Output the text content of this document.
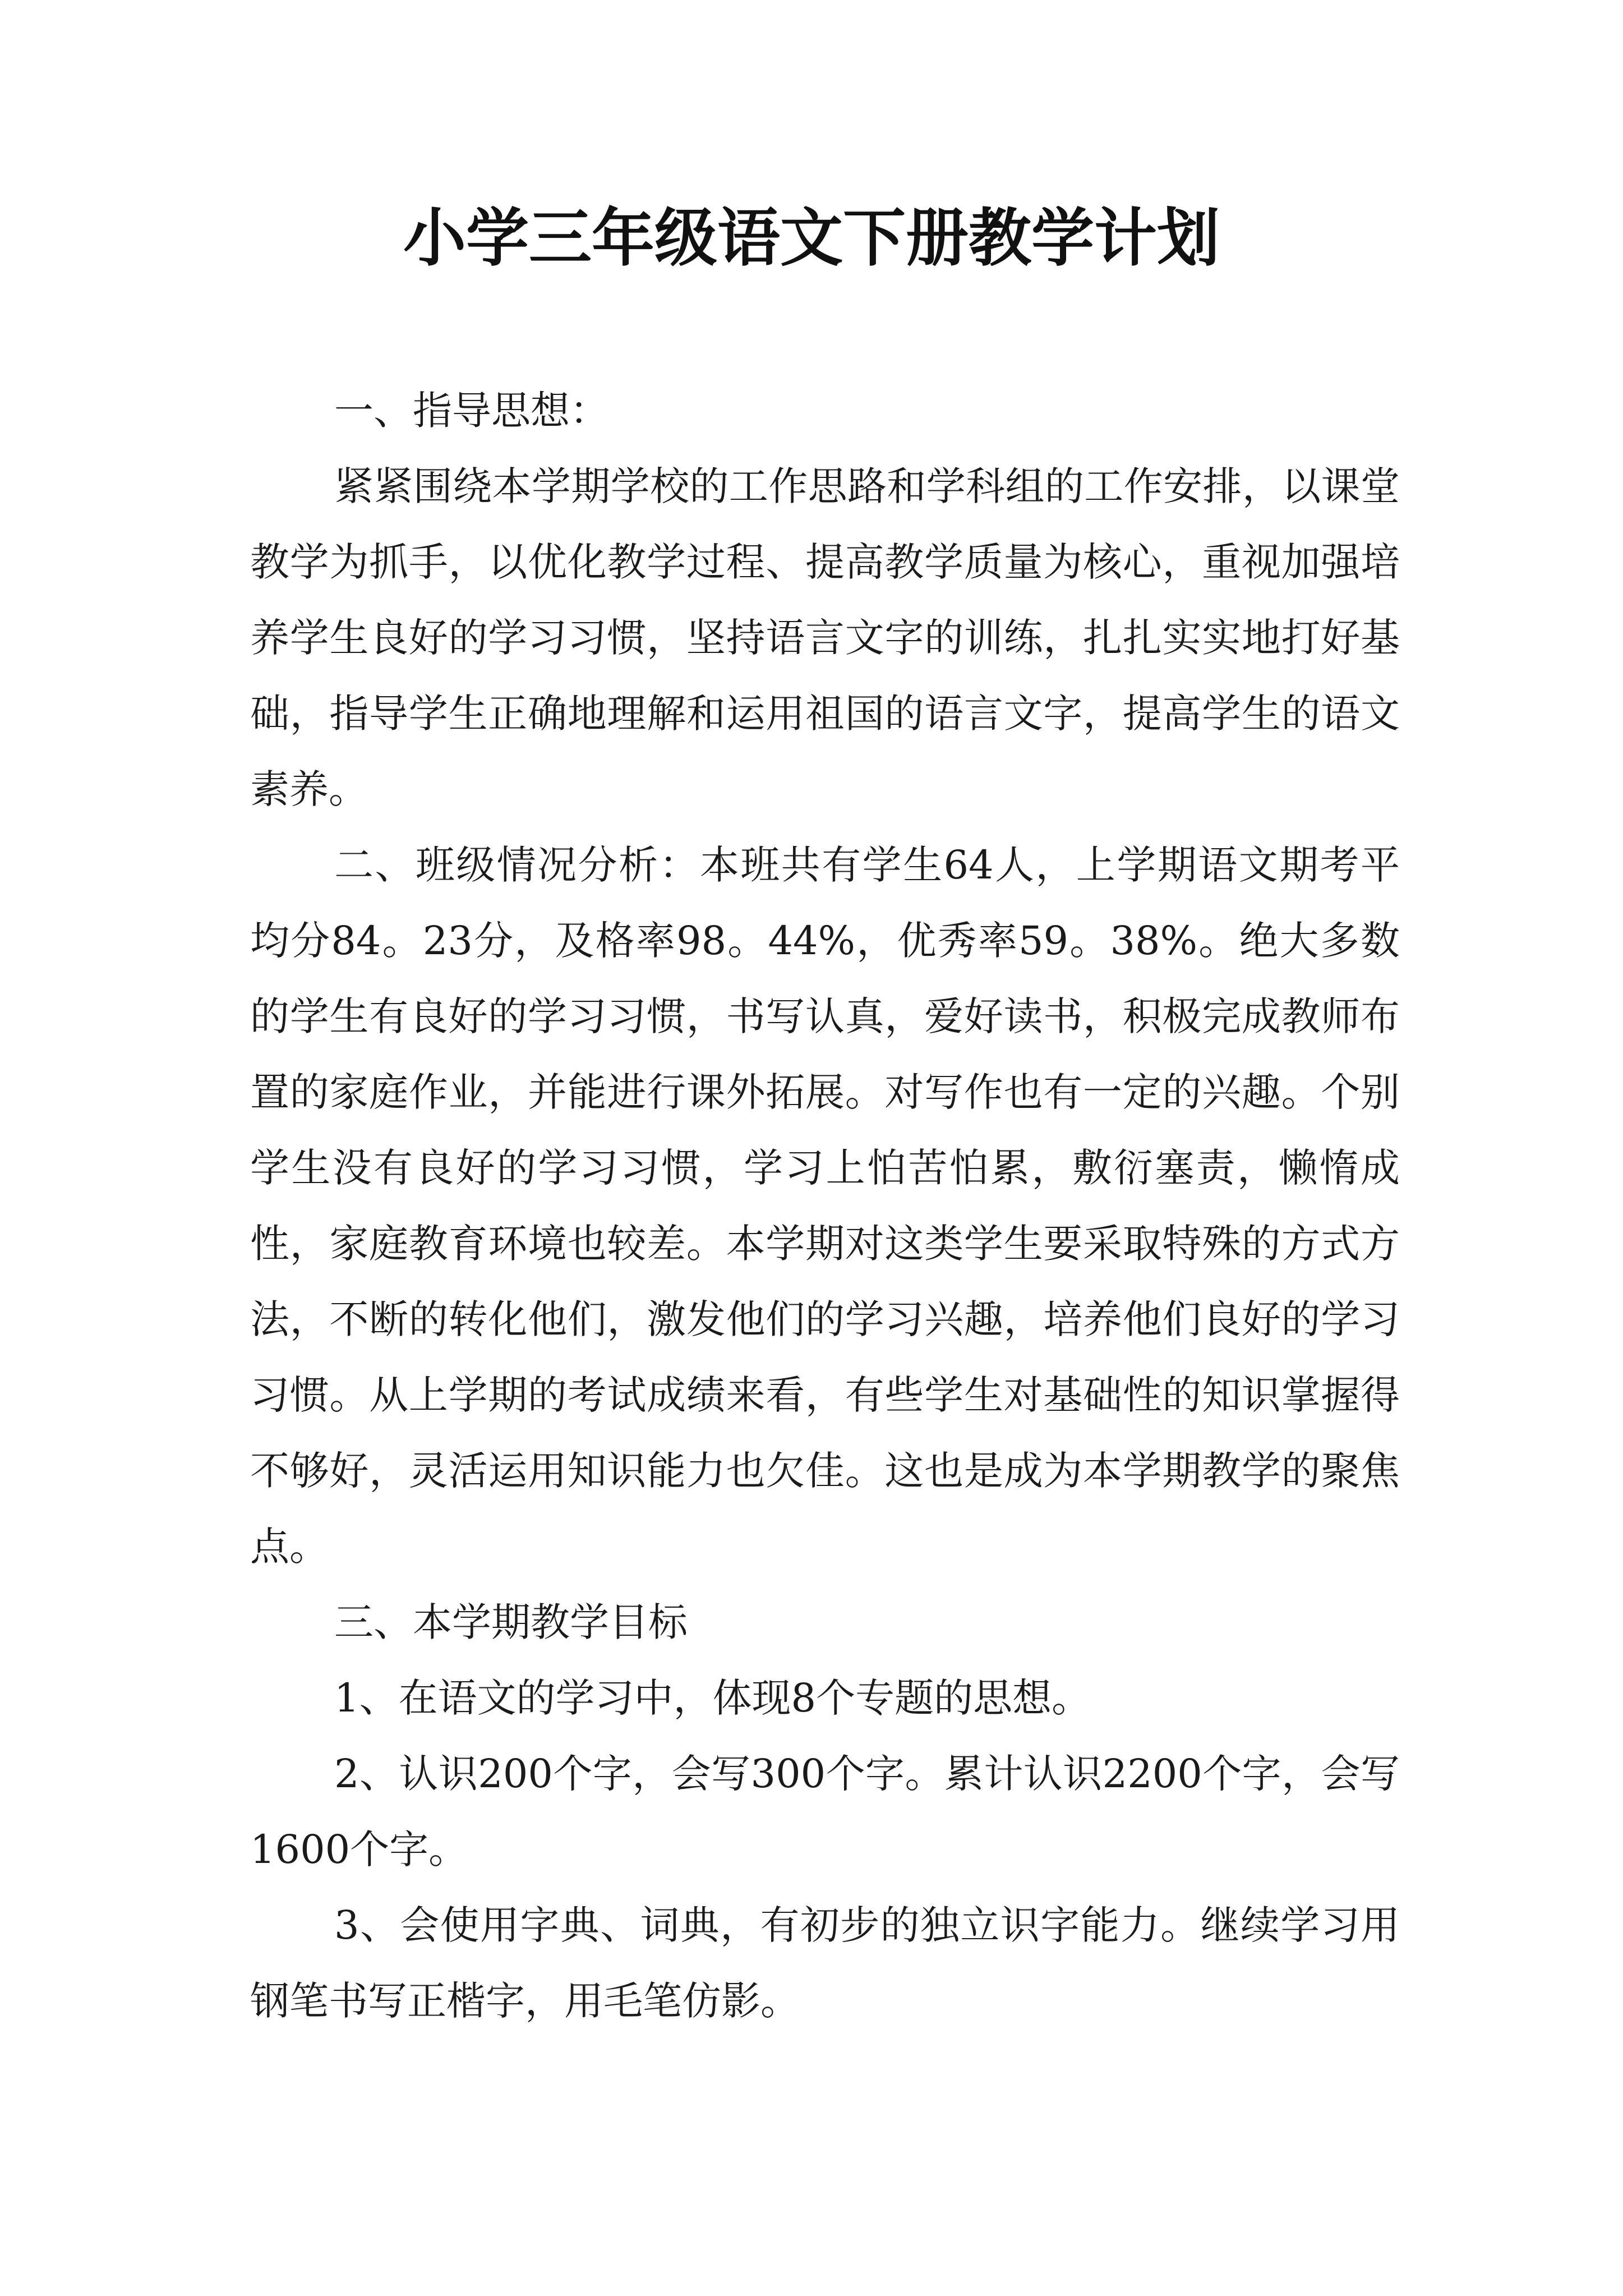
小学三年级语文下册教学计划

一、指导思想：

紧紧围绕本学期学校的工作思路和学科组的工作安排，以课堂教学为抓手，以优化教学过程、提高教学质量为核心，重视加强培养学生良好的学习习惯，坚持语言文字的训练，扎扎实实地打好基础，指导学生正确地理解和运用祖国的语言文字，提高学生的语文素养。

二、班级情况分析：本班共有学生64人，上学期语文期考平均分84。23分，及格率98。44%，优秀率59。38%。绝大多数的学生有良好的学习习惯，书写认真，爱好读书，积极完成教师布置的家庭作业，并能进行课外拓展。对写作也有一定的兴趣。个别学生没有良好的学习习惯，学习上怕苦怕累，敷衍塞责，懒惰成性，家庭教育环境也较差。本学期对这类学生要采取特殊的方式方法，不断的转化他们，激发他们的学习兴趣，培养他们良好的学习习惯。从上学期的考试成绩来看，有些学生对基础性的知识掌握得不够好，灵活运用知识能力也欠佳。这也是成为本学期教学的聚焦点。

三、本学期教学目标

1、在语文的学习中，体现8个专题的思想。

2、认识200个字，会写300个字。累计认识2200个字，会写1600个字。

3、会使用字典、词典，有初步的独立识字能力。继续学习用钢笔书写正楷字，用毛笔仿影。
